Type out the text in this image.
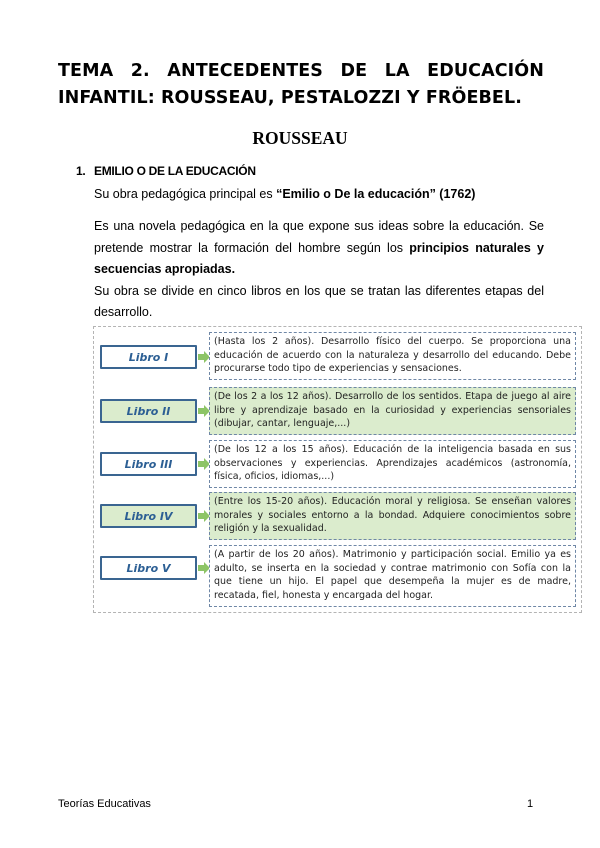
TEMA 2. ANTECEDENTES DE LA EDUCACIÓN
INFANTIL: ROUSSEAU, PESTALOZZI Y FRÖEBEL.
ROUSSEAU
1. EMILIO O DE LA EDUCACIÓN
Su obra pedagógica principal es “Emilio o De la educación” (1762)
Es una novela pedagógica en la que expone sus ideas sobre la educación. Se
pretende mostrar la formación del hombre según los principios naturales y
secuencias apropiadas.
Su obra se divide en cinco libros en los que se tratan las diferentes etapas del
desarrollo.
Libro I
(Hasta los 2 años). Desarrollo físico del cuerpo. Se proporciona una educación de acuerdo con la naturaleza y desarrollo del educando. Debe procurarse todo tipo de experiencias y sensaciones.
Libro II
(De los 2 a los 12 años). Desarrollo de los sentidos. Etapa de juego al aire libre y aprendizaje basado en la curiosidad y experiencias sensoriales (dibujar, cantar, lenguaje,...)
Libro III
(De los 12 a los 15 años). Educación de la inteligencia basada en sus observaciones y experiencias. Aprendizajes académicos (astronomía, física, oficios, idiomas,...)
Libro IV
(Entre los 15-20 años). Educación moral y religiosa. Se enseñan valores morales y sociales entorno a la bondad. Adquiere conocimientos sobre religión y la sexualidad.
Libro V
(A partir de los 20 años). Matrimonio y participación social. Emilio ya es adulto, se inserta en la sociedad y contrae matrimonio con Sofía con la que tiene un hijo. El papel que desempeña la mujer es de madre, recatada, fiel, honesta y encargada del hogar.
Teorías Educativas	1
